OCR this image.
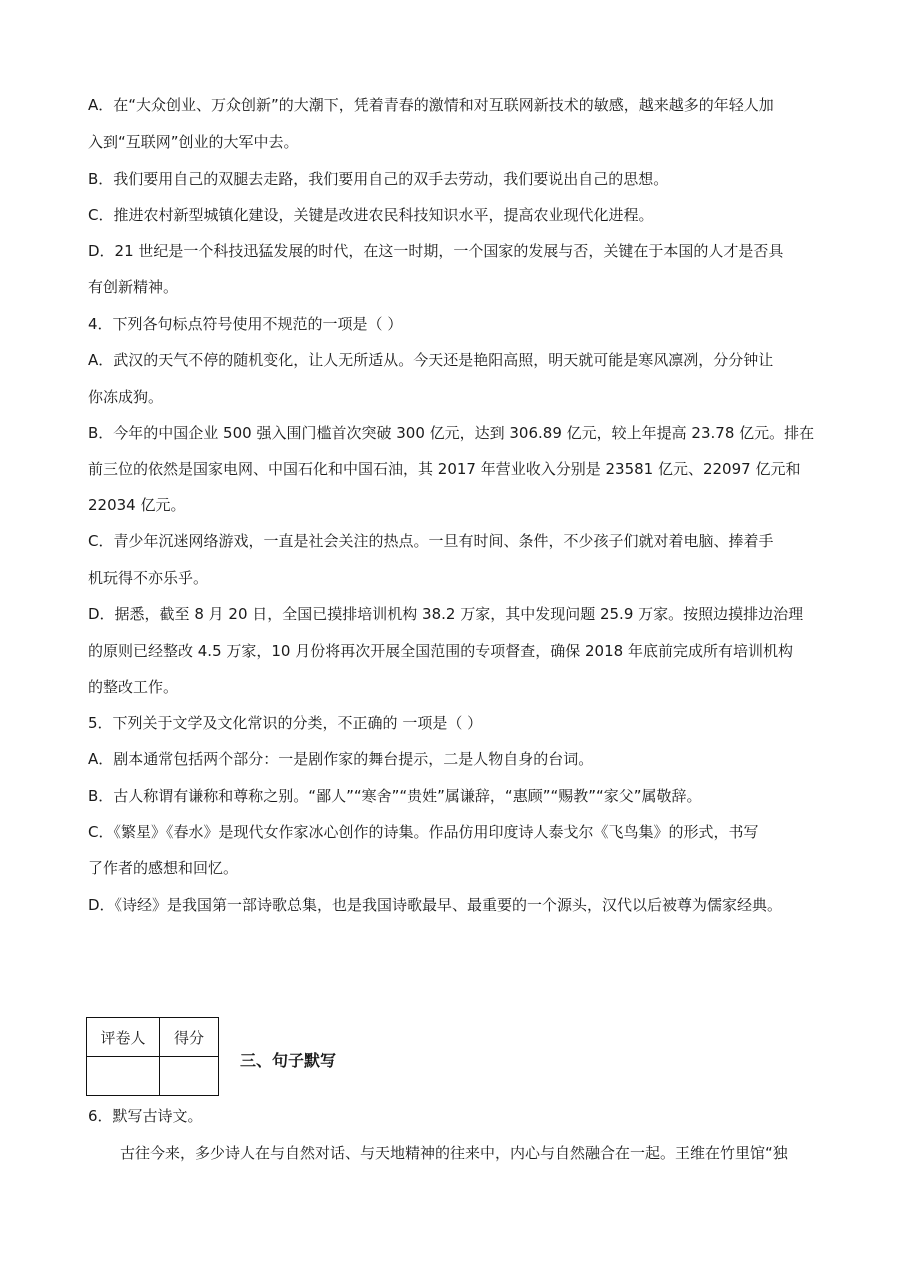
A．在“大众创业、万众创新”的大潮下，凭着青春的激情和对互联网新技术的敏感，越来越多的年轻人加
入到“互联网”创业的大军中去。
B．我们要用自己的双腿去走路，我们要用自己的双手去劳动，我们要说出自己的思想。
C．推进农村新型城镇化建设，关键是改进农民科技知识水平，提高农业现代化进程。
D．21 世纪是一个科技迅猛发展的时代，在这一时期，一个国家的发展与否，关键在于本国的人才是否具
有创新精神。
4．下列各句标点符号使用不规范的一项是（ ）
A．武汉的天气不停的随机变化，让人无所适从。今天还是艳阳高照，明天就可能是寒风凛冽，分分钟让
你冻成狗。
B．今年的中国企业 500 强入围门槛首次突破 300 亿元，达到 306.89 亿元，较上年提高 23.78 亿元。排在
前三位的依然是国家电网、中国石化和中国石油，其 2017 年营业收入分别是 23581 亿元、22097 亿元和
22034 亿元。
C．青少年沉迷网络游戏，一直是社会关注的热点。一旦有时间、条件，不少孩子们就对着电脑、捧着手
机玩得不亦乐乎。
D．据悉，截至 8 月 20 日，全国已摸排培训机构 38.2 万家，其中发现问题 25.9 万家。按照边摸排边治理
的原则已经整改 4.5 万家，10 月份将再次开展全国范围的专项督查，确保 2018 年底前完成所有培训机构
的整改工作。
5．下列关于文学及文化常识的分类，不正确的 一项是（ ）
A．剧本通常包括两个部分：一是剧作家的舞台提示，二是人物自身的台词。
B．古人称谓有谦称和尊称之别。“鄙人”“寒舍”“贵姓”属谦辞，“惠顾”“赐教”“家父”属敬辞。
C．《繁星》《春水》是现代女作家冰心创作的诗集。作品仿用印度诗人泰戈尔《飞鸟集》的形式，书写
了作者的感想和回忆。
D．《诗经》是我国第一部诗歌总集，也是我国诗歌最早、最重要的一个源头，汉代以后被尊为儒家经典。
评卷人	得分

三、句子默写
6．默写古诗文。
古往今来，多少诗人在与自然对话、与天地精神的往来中，内心与自然融合在一起。王维在竹里馆“独
